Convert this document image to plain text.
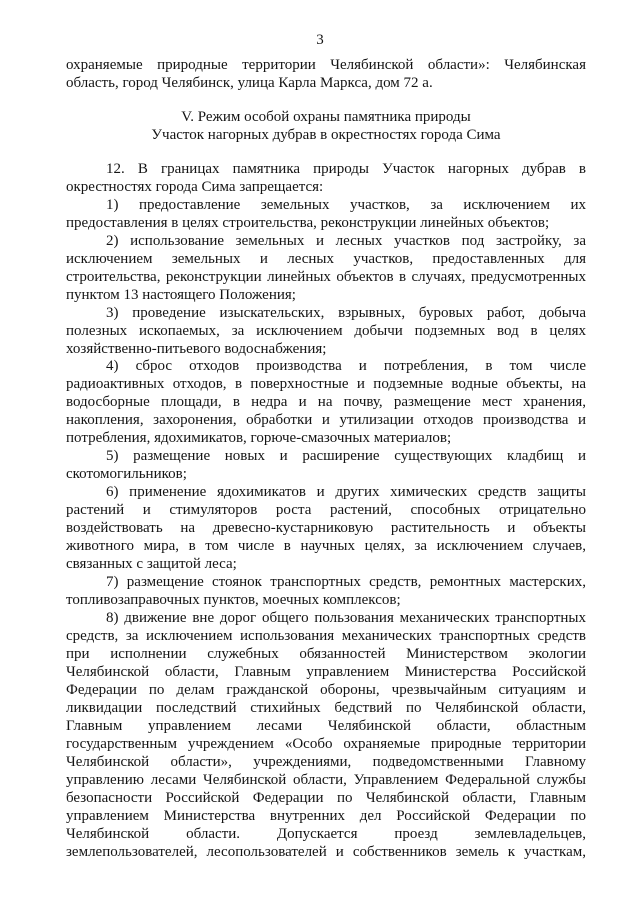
3
охраняемые природные территории Челябинской области»: Челябинская
область, город Челябинск, улица Карла Маркса, дом 72 а.
V. Режим особой охраны памятника природы
Участок нагорных дубрав в окрестностях города Сима
12. В границах памятника природы Участок нагорных дубрав в
окрестностях города Сима запрещается:
1) предоставление земельных участков, за исключением их
предоставления в целях строительства, реконструкции линейных объектов;
2) использование земельных и лесных участков под застройку, за
исключением земельных и лесных участков, предоставленных для
строительства, реконструкции линейных объектов в случаях, предусмотренных
пунктом 13 настоящего Положения;
3) проведение изыскательских, взрывных, буровых работ, добыча
полезных ископаемых, за исключением добычи подземных вод в целях
хозяйственно-питьевого водоснабжения;
4) сброс отходов производства и потребления, в том числе
радиоактивных отходов, в поверхностные и подземные водные объекты, на
водосборные площади, в недра и на почву, размещение мест хранения,
накопления, захоронения, обработки и утилизации отходов производства и
потребления, ядохимикатов, горюче-смазочных материалов;
5) размещение новых и расширение существующих кладбищ и
скотомогильников;
6) применение ядохимикатов и других химических средств защиты
растений и стимуляторов роста растений, способных отрицательно
воздействовать на древесно-кустарниковую растительность и объекты
животного мира, в том числе в научных целях, за исключением случаев,
связанных с защитой леса;
7) размещение стоянок транспортных средств, ремонтных мастерских,
топливозаправочных пунктов, моечных комплексов;
8) движение вне дорог общего пользования механических транспортных
средств, за исключением использования механических транспортных средств
при исполнении служебных обязанностей Министерством экологии
Челябинской области, Главным управлением Министерства Российской
Федерации по делам гражданской обороны, чрезвычайным ситуациям и
ликвидации последствий стихийных бедствий по Челябинской области,
Главным управлением лесами Челябинской области, областным
государственным учреждением «Особо охраняемые природные территории
Челябинской области», учреждениями, подведомственными Главному
управлению лесами Челябинской области, Управлением Федеральной службы
безопасности Российской Федерации по Челябинской области, Главным
управлением Министерства внутренних дел Российской Федерации по
Челябинской области. Допускается проезд землевладельцев,
землепользователей, лесопользователей и собственников земель к участкам,
